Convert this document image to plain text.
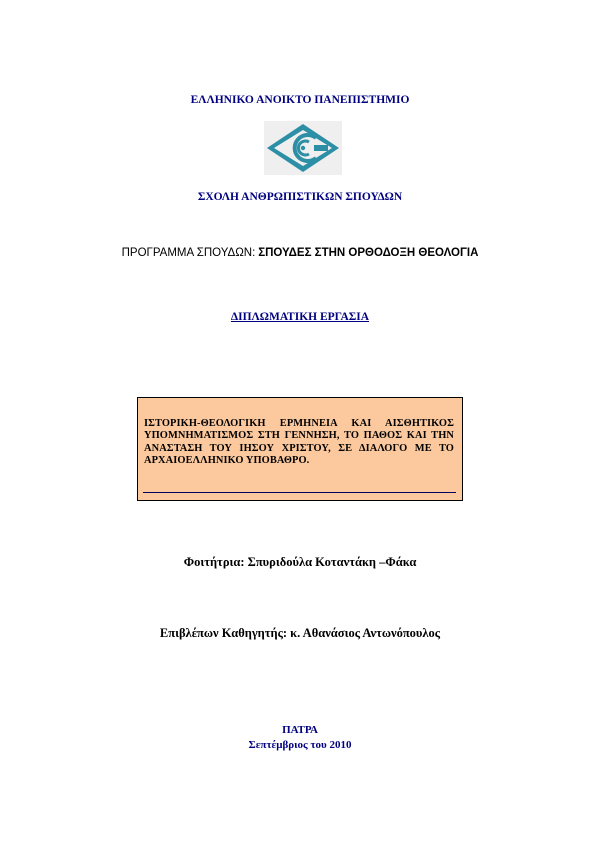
ΕΛΛΗΝΙΚΟ ΑΝΟΙΚΤΟ ΠΑΝΕΠΙΣΤΗΜΙΟ
ΣΧΟΛΗ ΑΝΘΡΩΠΙΣΤΙΚΩΝ ΣΠΟΥΔΩΝ
ΠΡΟΓΡΑΜΜΑ ΣΠΟΥΔΩΝ: ΣΠΟΥΔΕΣ ΣΤΗΝ ΟΡΘΟΔΟΞΗ ΘΕΟΛΟΓΙΑ
ΔΙΠΛΩΜΑΤΙΚΗ ΕΡΓΑΣΙΑ
ΙΣΤΟΡΙΚΗ-ΘΕΟΛΟΓΙΚΗ ΕΡΜΗΝΕΙΑ ΚΑΙ ΑΙΣΘΗΤΙΚΟΣ ΥΠΟΜΝΗΜΑΤΙΣΜΟΣ ΣΤΗ ΓΕΝΝΗΣΗ, ΤΟ ΠΑΘΟΣ ΚΑΙ ΤΗΝ ΑΝΑΣΤΑΣΗ ΤΟΥ ΙΗΣΟΥ ΧΡΙΣΤΟΥ, ΣΕ ΔΙΑΛΟΓΟ ΜΕ ΤΟ ΑΡΧΑΙΟΕΛΛΗΝΙΚΟ ΥΠΟΒΑΘΡΟ.
Φοιτήτρια: Σπυριδούλα Κοταντάκη –Φάκα
Επιβλέπων Καθηγητής: κ. Αθανάσιος Αντωνόπουλος
ΠΑΤΡΑ
Σεπτέμβριος του 2010
